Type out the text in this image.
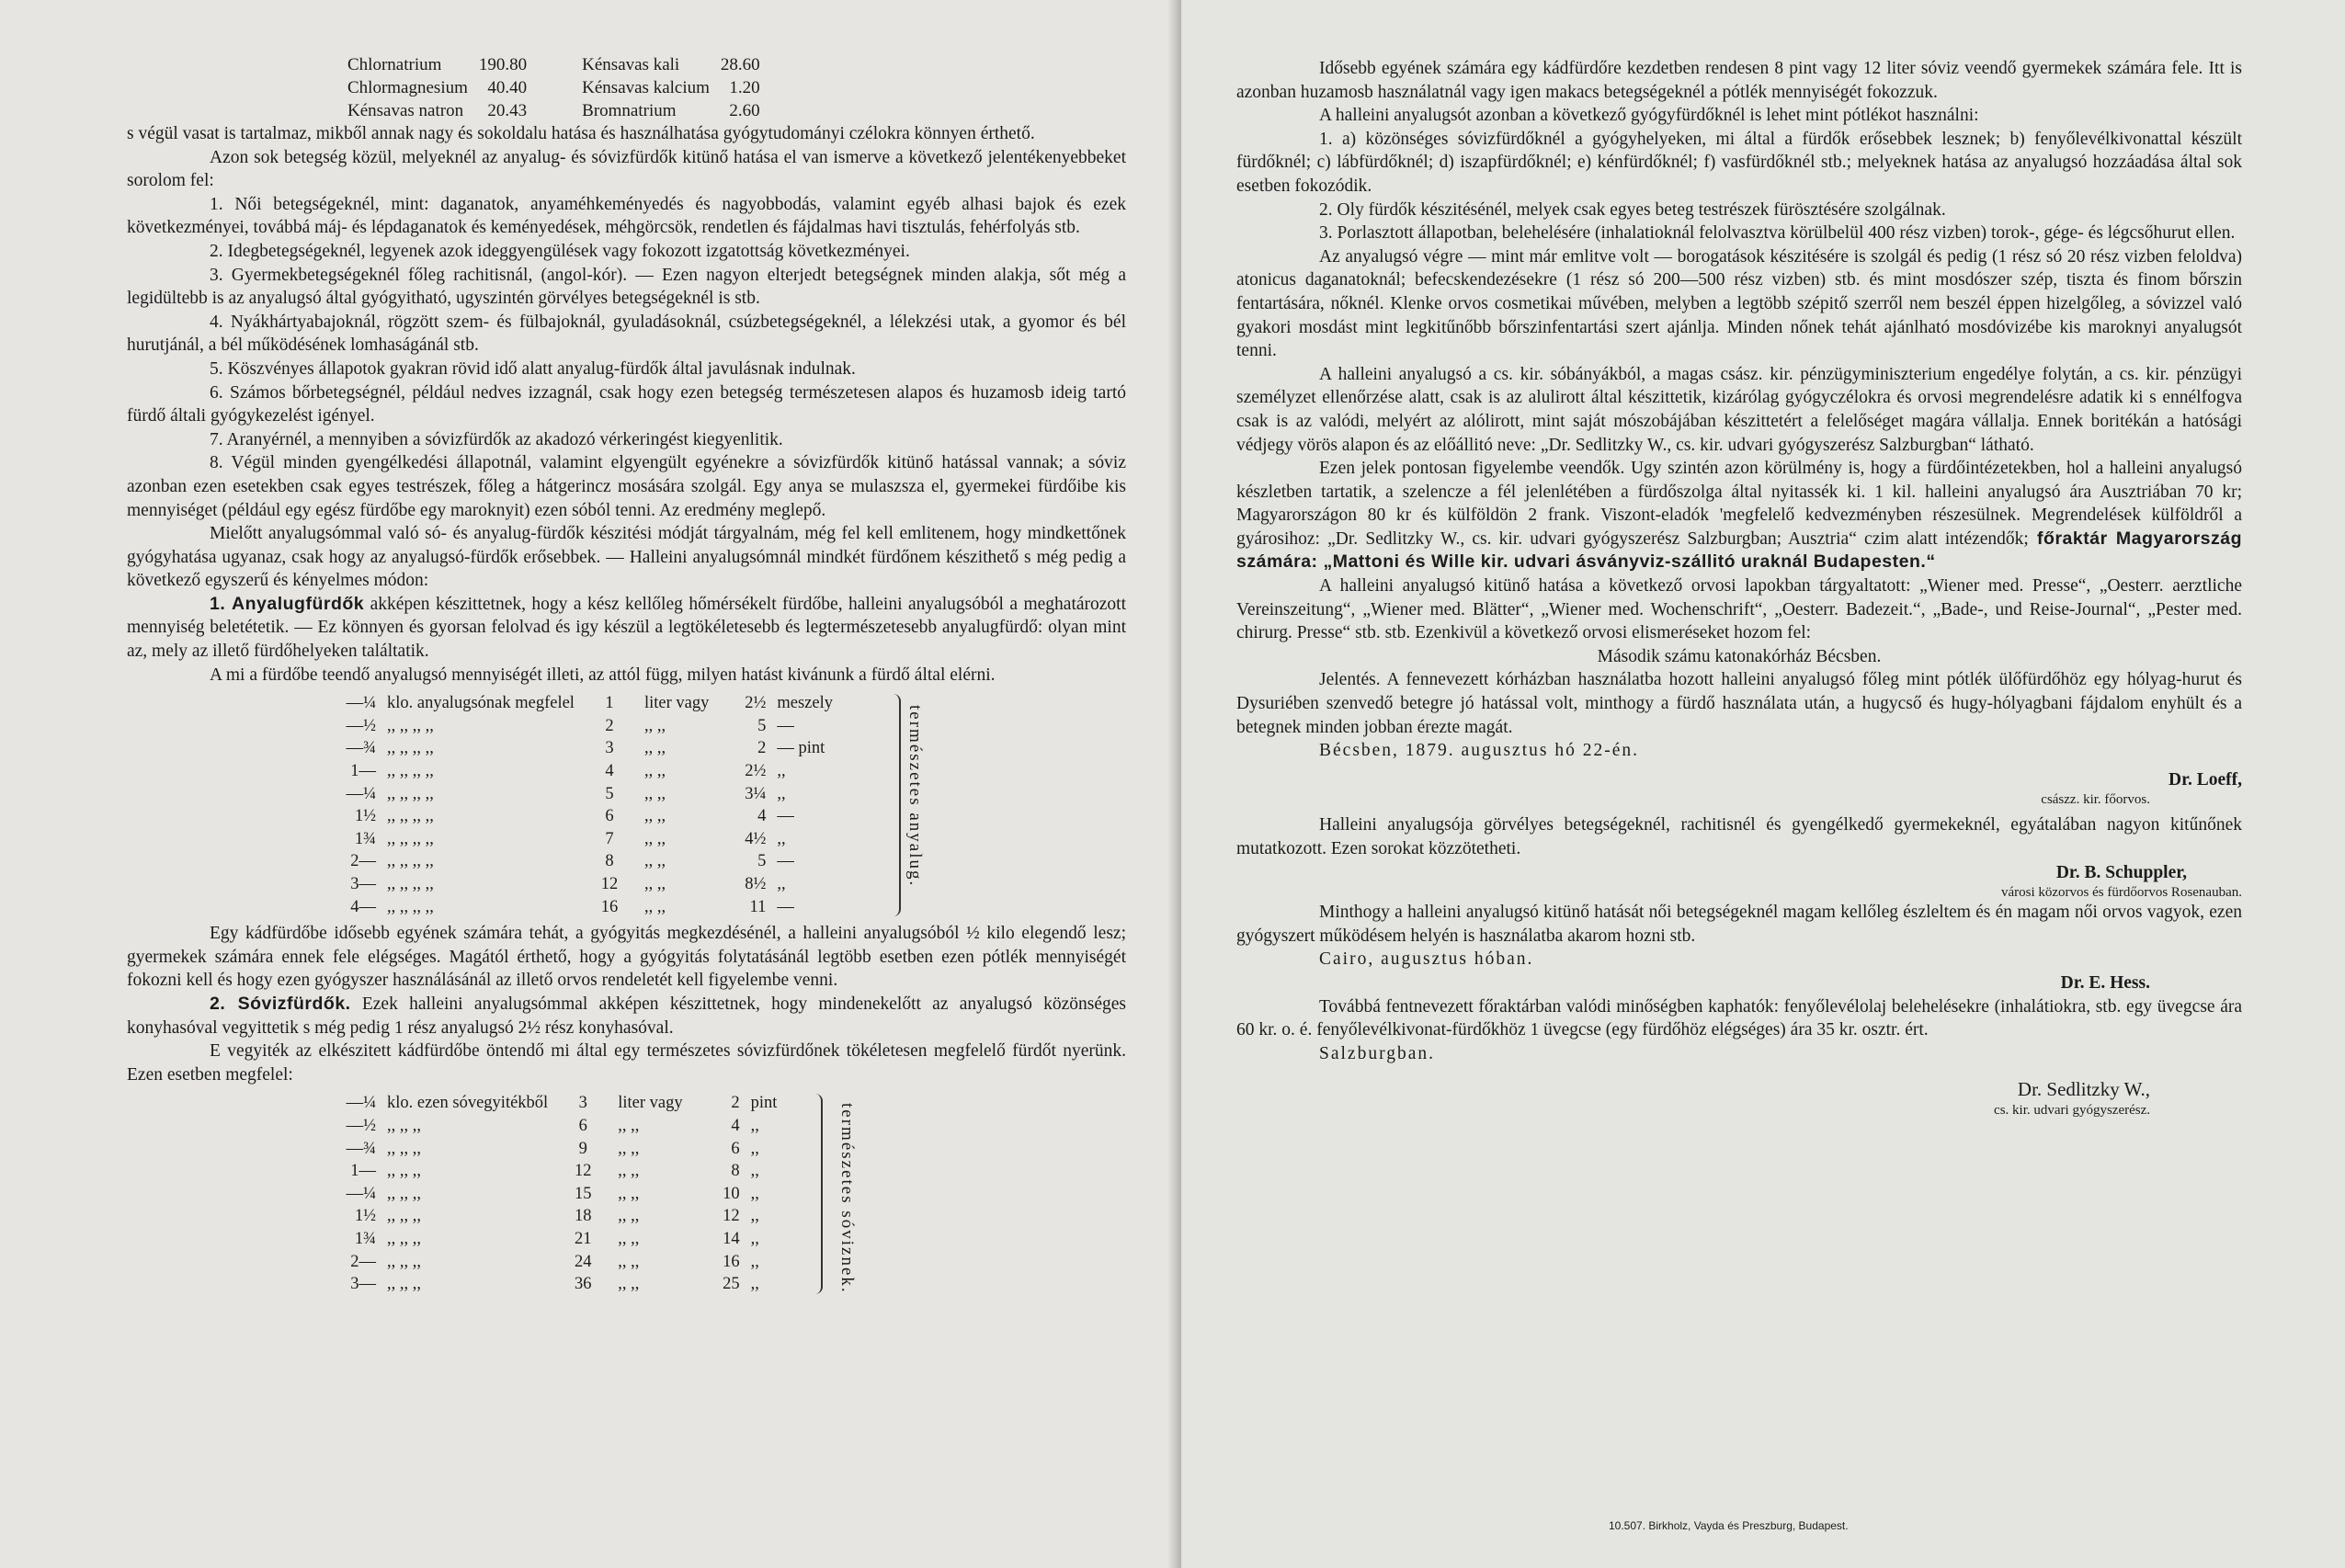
Chlornatrium	190.80	Kénsavas kali	28.60
Chlormagnesium	40.40	Kénsavas kalcium	1.20
Kénsavas natron	20.43	Bromnatrium	2.60

s végül vasat is tartalmaz, mikből annak nagy és sokoldalu hatása és használhatása gyógytudományi czélokra könnyen érthető.

Azon sok betegség közül, melyeknél az anyalug- és sóvizfürdők kitünő hatása el van ismerve a következő jelentékenyebbeket sorolom fel:

1. Női betegségeknél, mint: daganatok, anyaméhkeményedés és nagyobbodás, valamint egyéb alhasi bajok és ezek következményei, továbbá máj- és lépdaganatok és keményedések, méhgörcsök, rendetlen és fájdalmas havi tisztulás, fehérfolyás stb.

2. Idegbetegségeknél, legyenek azok ideggyengülések vagy fokozott izgatottság következményei.

3. Gyermekbetegségeknél főleg rachitisnál, (angol-kór). — Ezen nagyon elterjedt betegségnek minden alakja, sőt még a legidültebb is az anyalugsó által gyógyitható, ugyszintén görvélyes betegségeknél is stb.

4. Nyákhártyabajoknál, rögzött szem- és fülbajoknál, gyuladásoknál, csúzbetegségeknél, a lélekzési utak, a gyomor és bél hurutjánál, a bél működésének lomhaságánál stb.

5. Köszvényes állapotok gyakran rövid idő alatt anyalug-fürdők által javulásnak indulnak.

6. Számos bőrbetegségnél, például nedves izzagnál, csak hogy ezen betegség természetesen alapos és huzamosb ideig tartó fürdő általi gyógykezelést igényel.

7. Aranyérnél, a mennyiben a sóvizfürdők az akadozó vérkeringést kiegyenlitik.

8. Végül minden gyengélkedési állapotnál, valamint elgyengült egyénekre a sóvizfürdők kitünő hatással vannak; a sóviz azonban ezen esetekben csak egyes testrészek, főleg a hátgerincz mosására szolgál. Egy anya se mulaszsza el, gyermekei fürdőibe kis mennyiséget (például egy egész fürdőbe egy maroknyit) ezen sóból tenni. Az eredmény meglepő.

Mielőtt anyalugsómmal való só- és anyalug-fürdők készitési módját tárgyalnám, még fel kell emlitenem, hogy mindkettőnek gyógyhatása ugyanaz, csak hogy az anyalugsó-fürdők erősebbek. — Halleini anyalugsómnál mindkét fürdőnem készithető s még pedig a következő egyszerű és kényelmes módon:

1. Anyalugfürdők akképen készittetnek, hogy a kész kellőleg hőmérsékelt fürdőbe, halleini anyalugsóból a meghatározott mennyiség beletétetik. — Ez könnyen és gyorsan felolvad és igy készül a legtökéletesebb és legtermészetesebb anyalugfürdő: olyan mint az, mely az illető fürdőhelyeken találtatik.

A mi a fürdőbe teendő anyalugsó mennyiségét illeti, az attól függ, milyen hatást kivánunk a fürdő által elérni.

—¼	klo. anyalugsónak megfelel	1	liter vagy	2½	meszely
—½	,, ,, ,, ,,	2	,, ,,	5	—
—¾	,, ,, ,, ,,	3	,, ,,	2	— pint
1—	,, ,, ,, ,,	4	,, ,,	2½	,,
—¼	,, ,, ,, ,,	5	,, ,,	3¼	,,
1½	,, ,, ,, ,,	6	,, ,,	4	—
1¾	,, ,, ,, ,,	7	,, ,,	4½	,,
2—	,, ,, ,, ,,	8	,, ,,	5	—
3—	,, ,, ,, ,,	12	,, ,,	8½	,,
4—	,, ,, ,, ,,	16	,, ,,	11	—
természetes anyalug.

Egy kádfürdőbe idősebb egyének számára tehát, a gyógyitás megkezdésénél, a halleini anyalugsóból ½ kilo elegendő lesz; gyermekek számára ennek fele elégséges. Magától érthető, hogy a gyógyitás folytatásánál legtöbb esetben ezen pótlék mennyiségét fokozni kell és hogy ezen gyógyszer használásánál az illető orvos rendeletét kell figyelembe venni.

2. Sóvizfürdők. Ezek halleini anyalugsómmal akképen készittetnek, hogy mindenekelőtt az anyalugsó közönséges konyhasóval vegyittetik s még pedig 1 rész anyalugsó 2½ rész konyhasóval.

E vegyiték az elkészitett kádfürdőbe öntendő mi által egy természetes sóvizfürdőnek tökéletesen megfelelő fürdőt nyerünk. Ezen esetben megfelel:

—¼	klo. ezen sóvegyitékből	3	liter vagy	2	pint
—½	,, ,, ,,	6	,, ,,	4	,,
—¾	,, ,, ,,	9	,, ,,	6	,,
1—	,, ,, ,,	12	,, ,,	8	,,
—¼	,, ,, ,,	15	,, ,,	10	,,
1½	,, ,, ,,	18	,, ,,	12	,,
1¾	,, ,, ,,	21	,, ,,	14	,,
2—	,, ,, ,,	24	,, ,,	16	,,
3—	,, ,, ,,	36	,, ,,	25	,,	természetes sóviznek.

Idősebb egyének számára egy kádfürdőre kezdetben rendesen 8 pint vagy 12 liter sóviz veendő gyermekek számára fele. Itt is azonban huzamosb használatnál vagy igen makacs betegségeknél a pótlék mennyiségét fokozzuk.

A halleini anyalugsót azonban a következő gyógyfürdőknél is lehet mint pótlékot használni:

1. a) közönséges sóvizfürdőknél a gyógyhelyeken, mi által a fürdők erősebbek lesznek; b) fenyőlevélkivonattal készült fürdőknél; c) lábfürdőknél; d) iszapfürdőknél; e) kénfürdőknél; f) vasfürdőknél stb.; melyeknek hatása az anyalugsó hozzáadása által sok esetben fokozódik.

2. Oly fürdők készitésénél, melyek csak egyes beteg testrészek fürösztésére szolgálnak.

3. Porlasztott állapotban, belehelésére (inhalatioknál felolvasztva körülbelül 400 rész vizben) torok-, gége- és légcsőhurut ellen.

Az anyalugsó végre — mint már emlitve volt — borogatások készitésére is szolgál és pedig (1 rész só 20 rész vizben feloldva) atonicus daganatoknál; befecskendezésekre (1 rész só 200—500 rész vizben) stb. és mint mosdószer szép, tiszta és finom bőrszin fentartására, nőknél. Klenke orvos cosmetikai művében, melyben a legtöbb szépitő szerről nem beszél éppen hizelgőleg, a sóvizzel való gyakori mosdást mint legkitűnőbb bőrszinfentartási szert ajánlja. Minden nőnek tehát ajánlható mosdóvizébe kis maroknyi anyalugsót tenni.

A halleini anyalugsó a cs. kir. sóbányákból, a magas csász. kir. pénzügyminiszterium engedélye folytán, a cs. kir. pénzügyi személyzet ellenőrzése alatt, csak is az alulirott által készittetik, kizárólag gyógyczélokra és orvosi megrendelésre adatik ki s ennélfogva csak is az valódi, melyért az alólirott, mint saját mószobájában készittetért a felelőséget magára vállalja. Ennek boritékán a hatósági védjegy vörös alapon és az előállitó neve: „Dr. Sedlitzky W., cs. kir. udvari gyógyszerész Salzburgban“ látható.

Ezen jelek pontosan figyelembe veendők. Ugy szintén azon körülmény is, hogy a fürdőintézetekben, hol a halleini anyalugsó készletben tartatik, a szelencze a fél jelenlétében a fürdőszolga által nyitassék ki. 1 kil. halleini anyalugsó ára Ausztriában 70 kr; Magyarországon 80 kr és külföldön 2 frank. Viszont-eladók 'megfelelő kedvezményben részesülnek. Megrendelések külföldről a gyárosihoz: „Dr. Sedlitzky W., cs. kir. udvari gyógyszerész Salzburgban; Ausztria“ czim alatt intézendők; főraktár Magyarország számára: „Mattoni és Wille kir. udvari ásványviz-szállitó uraknál Budapesten.“

A halleini anyalugsó kitünő hatása a következő orvosi lapokban tárgyaltatott: „Wiener med. Presse“, „Oesterr. aerztliche Vereinszeitung“, „Wiener med. Blätter“, „Wiener med. Wochenschrift“, „Oesterr. Badezeit.“, „Bade-, und Reise-Journal“, „Pester med. chirurg. Presse“ stb. stb. Ezenkivül a következő orvosi elismeréseket hozom fel:

Második számu katonakórház Bécsben.

Jelentés. A fennevezett kórházban használatba hozott halleini anyalugsó főleg mint pótlék ülőfürdőhöz egy hólyag-hurut és Dysuriében szenvedő betegre jó hatással volt, minthogy a fürdő használata után, a hugycső és hugy-hólyagbani fájdalom enyhült és a betegnek minden jobban érezte magát.

Bécsben, 1879. augusztus hó 22-én.

Dr. Loeff,

császz. kir. főorvos.

Halleini anyalugsója görvélyes betegségeknél, rachitisnél és gyengélkedő gyermekeknél, egyátalában nagyon kitűnőnek mutatkozott. Ezen sorokat közzötetheti.

Dr. B. Schuppler,

városi közorvos és fürdőorvos Rosenauban.

Minthogy a halleini anyalugsó kitünő hatását női betegségeknél magam kellőleg észleltem és én magam női orvos vagyok, ezen gyógyszert működésem helyén is használatba akarom hozni stb.

Cairo, augusztus hóban.

Dr. E. Hess.

Továbbá fentnevezett főraktárban valódi minőségben kaphatók: fenyőlevélolaj belehelésekre (inhalátiokra, stb. egy üvegcse ára 60 kr. o. é. fenyőlevélkivonat-fürdőkhöz 1 üvegcse (egy fürdőhöz elégséges) ára 35 kr. osztr. ért.

Salzburgban.

Dr. Sedlitzky W.,

cs. kir. udvari gyógyszerész.

10.507. Birkholz, Vayda és Preszburg, Budapest.
